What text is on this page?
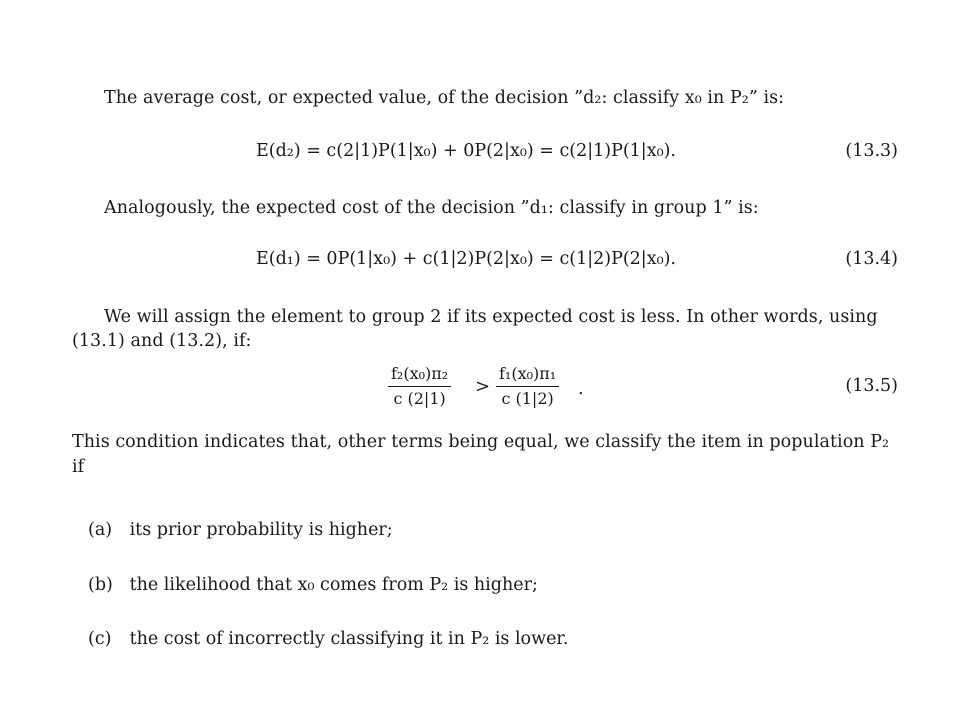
The average cost, or expected value, of the decision ”d₂: classify x₀ in P₂” is:
E(d₂) = c(2|1)P(1|x₀) + 0P(2|x₀) = c(2|1)P(1|x₀).	(13.3)
Analogously, the expected cost of the decision ”d₁: classify in group 1” is:
E(d₁) = 0P(1|x₀) + c(1|2)P(2|x₀) = c(1|2)P(2|x₀).	(13.4)
We will assign the element to group 2 if its expected cost is less. In other words, using
(13.1) and (13.2), if:
$\frac{\text{f₂(x₀)π₂}}{c (2|1)} > \frac{\text{f₁(x₀)π₁}}{c (1|2)}$ .	(13.5)
This condition indicates that, other terms being equal, we classify the item in population P₂
if
(a) its prior probability is higher;
(b) the likelihood that x₀ comes from P₂ is higher;
(c) the cost of incorrectly classifying it in P₂ is lower.
